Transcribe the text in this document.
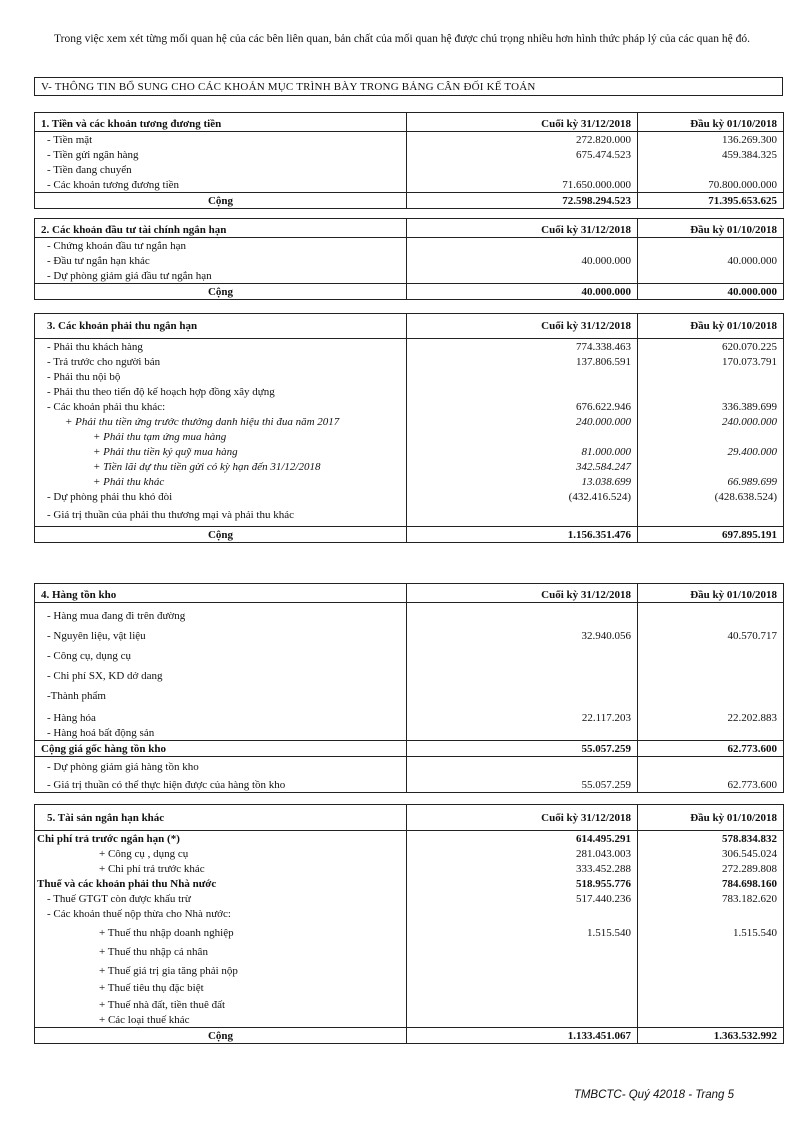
Trong việc xem xét từng mối quan hệ của các bên liên quan, bản chất của mối quan hệ được chú trọng nhiều hơn hình thức pháp lý của các quan hệ đó.
V- THÔNG TIN BỔ SUNG CHO CÁC KHOẢN MỤC TRÌNH BÀY TRONG BẢNG CÂN ĐỐI KẾ TOÁN
1. Tiền và các khoản tương đương tiền	Cuối kỳ 31/12/2018	Đầu kỳ 01/10/2018
- Tiền mặt	272.820.000	136.269.300
- Tiền gửi ngân hàng	675.474.523	459.384.325
- Tiền đang chuyển		
- Các khoản tương đương tiền	71.650.000.000	70.800.000.000
Cộng	72.598.294.523	71.395.653.625
2. Các khoản đầu tư tài chính ngắn hạn	Cuối kỳ 31/12/2018	Đầu kỳ 01/10/2018
- Chứng khoán đầu tư ngắn hạn		
- Đầu tư ngắn hạn khác	40.000.000	40.000.000
- Dự phòng giảm giá đầu tư ngắn hạn		
Cộng	40.000.000	40.000.000
3. Các khoản phải thu ngắn hạn	Cuối kỳ 31/12/2018	Đầu kỳ 01/10/2018
- Phải thu khách hàng	774.338.463	620.070.225
- Trả trước cho người bán	137.806.591	170.073.791
- Phải thu nội bộ		
- Phải thu theo tiến độ kế hoạch hợp đồng xây dựng		
- Các khoản phải thu khác:	676.622.946	336.389.699
+ Phải thu tiền ứng trước thưởng danh hiệu thi đua năm 2017	240.000.000	240.000.000
+ Phải thu tạm ứng mua hàng		
+ Phải thu tiền ký quỹ mua hàng	81.000.000	29.400.000
+ Tiền lãi dự thu tiền gửi có kỳ hạn đến 31/12/2018	342.584.247	
+ Phải thu khác	13.038.699	66.989.699
- Dự phòng phải thu khó đòi	(432.416.524)	(428.638.524)
- Giá trị thuần của phải thu thương mại và phải thu khác		
Cộng	1.156.351.476	697.895.191
4. Hàng tồn kho	Cuối kỳ 31/12/2018	Đầu kỳ 01/10/2018
- Hàng mua đang đi trên đường		
- Nguyên liệu, vật liệu	32.940.056	40.570.717
- Công cụ, dụng cụ		
- Chi phí SX, KD dở dang		
-Thành phẩm		
- Hàng hóa	22.117.203	22.202.883
- Hàng hoá bất động sản		
Cộng giá gốc hàng tồn kho	55.057.259	62.773.600
- Dự phòng giảm giá hàng tồn kho		
- Giá trị thuần có thể thực hiện được của hàng tồn kho	55.057.259	62.773.600
5. Tài sản ngắn hạn khác	Cuối kỳ 31/12/2018	Đầu kỳ 01/10/2018
Chi phí trả trước ngắn hạn (*)	614.495.291	578.834.832
+ Công cụ , dụng cụ	281.043.003	306.545.024
+ Chi phí trả trước khác	333.452.288	272.289.808
Thuế và các khoản phải thu Nhà nước	518.955.776	784.698.160
- Thuế GTGT còn được khấu trừ	517.440.236	783.182.620
- Các khoản thuế nộp thừa cho Nhà nước:		
+ Thuế thu nhập doanh nghiệp	1.515.540	1.515.540
+ Thuế thu nhập cá nhân		
+ Thuế giá trị gia tăng phải nộp		
+ Thuế tiêu thụ đặc biệt		
+ Thuế nhà đất, tiền thuê đất		
+ Các loại thuế khác		
Cộng	1.133.451.067	1.363.532.992
TMBCTC- Quý 42018 - Trang 5
